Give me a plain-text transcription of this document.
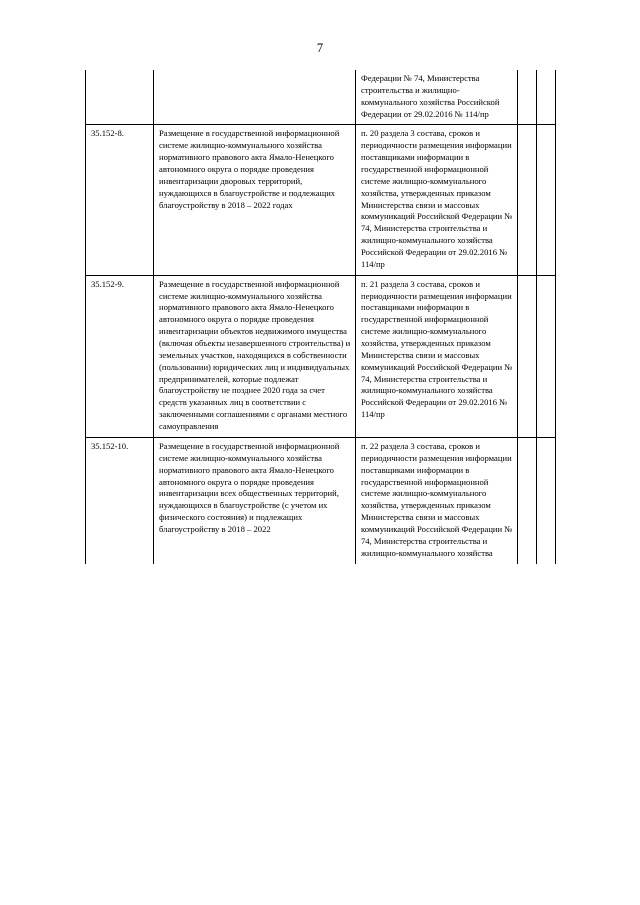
7
		Федерации № 74, Министерства строительства и жилищно-коммунального хозяйства Российской Федерации от 29.02.2016 № 114/пр		
35.152-8.	Размещение в государственной информационной системе жилищно-коммунального хозяйства нормативного правового акта Ямало-Ненецкого автономного округа о порядке проведения инвентаризации дворовых территорий, нуждающихся в благоустройстве и подлежащих благоустройству в 2018 – 2022 годах	п. 20 раздела 3 состава, сроков и периодичности размещения информации поставщиками информации в государственной информационной системе жилищно-коммунального хозяйства, утвержденных приказом Министерства связи и массовых коммуникаций Российской Федерации № 74, Министерства строительства и жилищно-коммунального хозяйства Российской Федерации от 29.02.2016 № 114/пр		
35.152-9.	Размещение в государственной информационной системе жилищно-коммунального хозяйства нормативного правового акта Ямало-Ненецкого автономного округа о порядке проведения инвентаризации объектов недвижимого имущества (включая объекты незавершенного строительства) и земельных участков, находящихся в собственности (пользовании) юридических лиц и индивидуальных предпринимателей, которые подлежат благоустройству не позднее 2020 года за счет средств указанных лиц в соответствии с заключенными соглашениями с органами местного самоуправления	п. 21 раздела 3 состава, сроков и периодичности размещения информации поставщиками информации в государственной информационной системе жилищно-коммунального хозяйства, утвержденных приказом Министерства связи и массовых коммуникаций Российской Федерации № 74, Министерства строительства и жилищно-коммунального хозяйства Российской Федерации от 29.02.2016 № 114/пр		
35.152-10.	Размещение в государственной информационной системе жилищно-коммунального хозяйства нормативного правового акта Ямало-Ненецкого автономного округа о порядке проведения инвентаризации всех общественных территорий, нуждающихся в благоустройстве (с учетом их физического состояния) и подлежащих благоустройству в 2018 – 2022	п. 22 раздела 3 состава, сроков и периодичности размещения информации поставщиками информации в государственной информационной системе жилищно-коммунального хозяйства, утвержденных приказом Министерства связи и массовых коммуникаций Российской Федерации № 74, Министерства строительства и жилищно-коммунального хозяйства		
